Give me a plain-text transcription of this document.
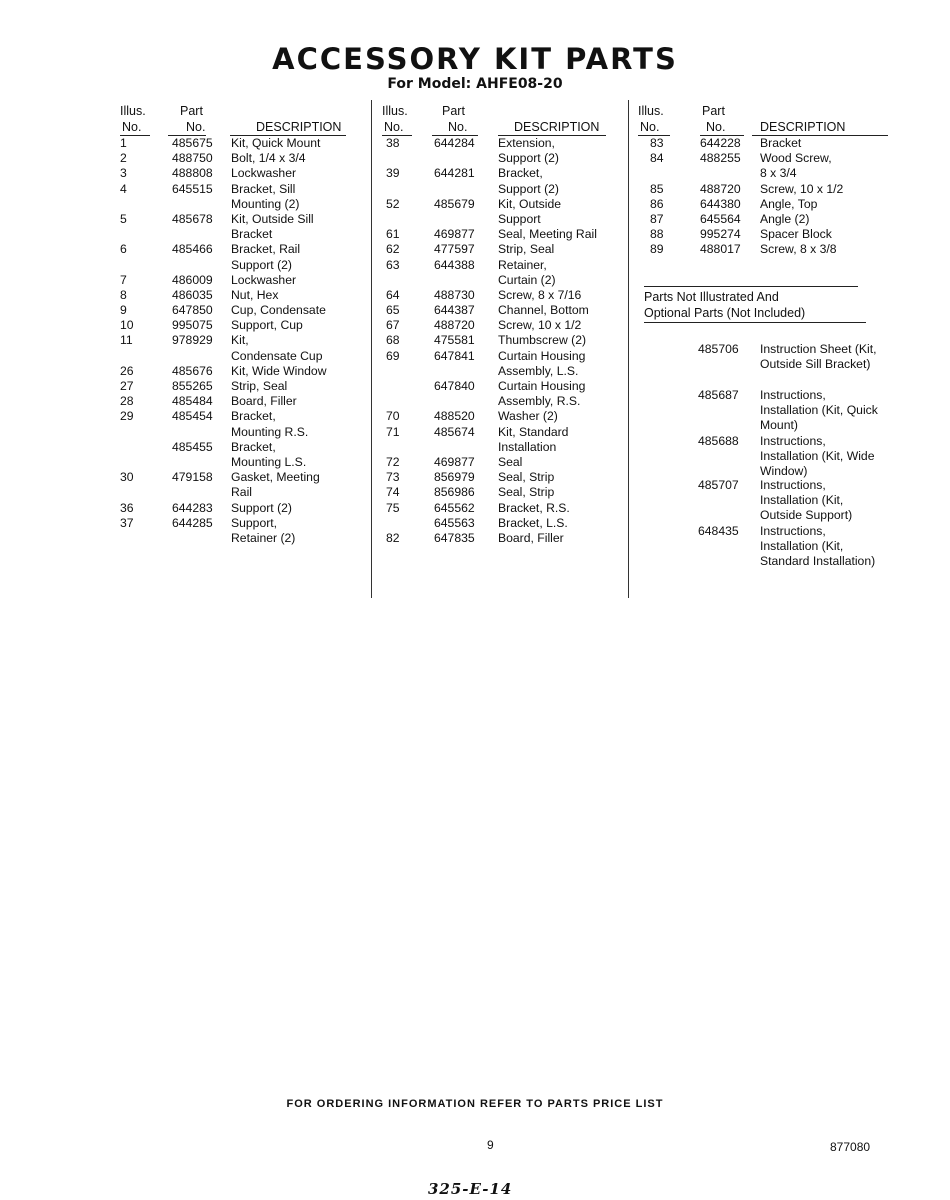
ACCESSORY KIT PARTS
For Model: AHFE08-20
Illus.
No.
Part
No.	DESCRIPTION
1	485675 Kit, Quick Mount
2	488750 Bolt, 1/4 x 3/4
3	488808 Lockwasher
4	645515 Bracket, Sill
Mounting (2)
5	485678 Kit, Outside Sill
Bracket
6	485466 Bracket, Rail
Support (2)
7	486009 Lockwasher
8	486035 Nut, Hex
9	647850 Cup, Condensate
10	995075 Support, Cup
11	978929 Kit,
Condensate Cup
26	485676 Kit, Wide Window
27	855265 Strip, Seal
28	485484 Board, Filler
29	485454 Bracket,
Mounting R.S.
485455 Bracket,
Mounting L.S.
30	479158 Gasket, Meeting
Rail
36	644283 Support (2)
37	644285 Support,
Retainer (2)
Illus.
No.
Part
No.	DESCRIPTION
38	644284 Extension,
Support (2)
39	644281 Bracket,
Support (2)
52	485679 Kit, Outside
Support
61	469877 Seal, Meeting Rail
62	477597 Strip, Seal
63	644388 Retainer,
Curtain (2)
64	488730 Screw, 8 x 7/16
65	644387 Channel, Bottom
67	488720 Screw, 10 x 1/2
68	475581 Thumbscrew (2)
69	647841 Curtain Housing
Assembly, L.S.
647840 Curtain Housing
Assembly, R.S.
70	488520 Washer (2)
71	485674 Kit, Standard
Installation
72	469877 Seal
73	856979 Seal, Strip
74	856986 Seal, Strip
75	645562 Bracket, R.S.
645563 Bracket, L.S.
82	647835 Board, Filler
Illus.
No.
Part
No.	DESCRIPTION
83	644228 Bracket
84	488255 Wood Screw,
8 x 3/4
85	488720 Screw, 10 x 1/2
86	644380 Angle, Top
87	645564 Angle (2)
88	995274 Spacer Block
89	488017 Screw, 8 x 3/8
Parts Not Illustrated And
Optional Parts (Not Included)
485706 Instruction Sheet (Kit, Outside Sill Bracket)
485687 Instructions, Installation (Kit, Quick Mount)
485688 Instructions, Installation (Kit, Wide Window)
485707 Instructions, Installation (Kit, Outside Support)
648435 Instructions, Installation (Kit, Standard Installation)
FOR ORDERING INFORMATION REFER TO PARTS PRICE LIST
9	877080
325-E-14
